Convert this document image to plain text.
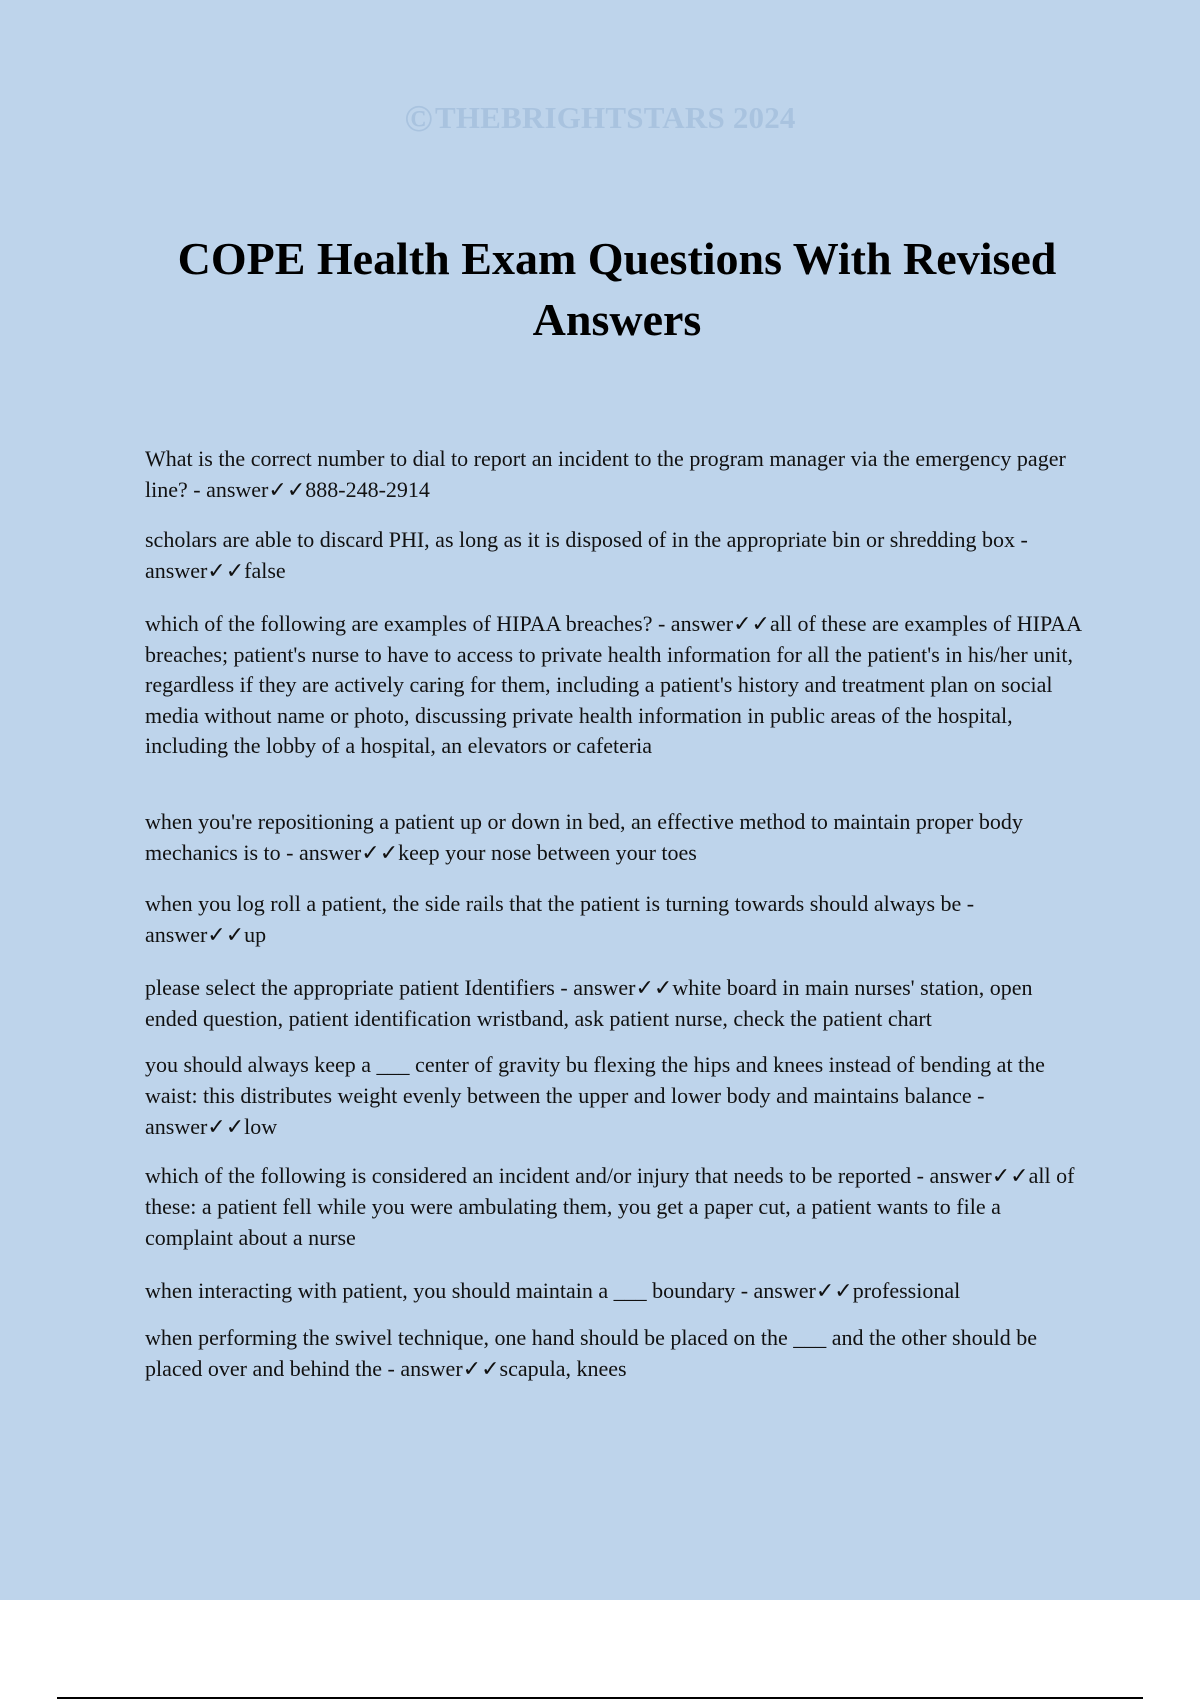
©THEBRIGHTSTARS 2024
COPE Health Exam Questions With Revised Answers

What is the correct number to dial to report an incident to the program manager via the emergency pager line? - answer✓✓888-248-2914

scholars are able to discard PHI, as long as it is disposed of in the appropriate bin or shredding box - answer✓✓false

which of the following are examples of HIPAA breaches? - answer✓✓all of these are examples of HIPAA breaches; patient's nurse to have to access to private health information for all the patient's in his/her unit, regardless if they are actively caring for them, including a patient's history and treatment plan on social media without name or photo, discussing private health information in public areas of the hospital, including the lobby of a hospital, an elevators or cafeteria

when you're repositioning a patient up or down in bed, an effective method to maintain proper body mechanics is to - answer✓✓keep your nose between your toes

when you log roll a patient, the side rails that the patient is turning towards should always be - answer✓✓up

please select the appropriate patient Identifiers - answer✓✓white board in main nurses' station, open ended question, patient identification wristband, ask patient nurse, check the patient chart

you should always keep a ___ center of gravity bu flexing the hips and knees instead of bending at the waist: this distributes weight evenly between the upper and lower body and maintains balance - answer✓✓low

which of the following is considered an incident and/or injury that needs to be reported - answer✓✓all of these: a patient fell while you were ambulating them, you get a paper cut, a patient wants to file a complaint about a nurse

when interacting with patient, you should maintain a ___ boundary - answer✓✓professional

when performing the swivel technique, one hand should be placed on the ___ and the other should be placed over and behind the - answer✓✓scapula, knees
